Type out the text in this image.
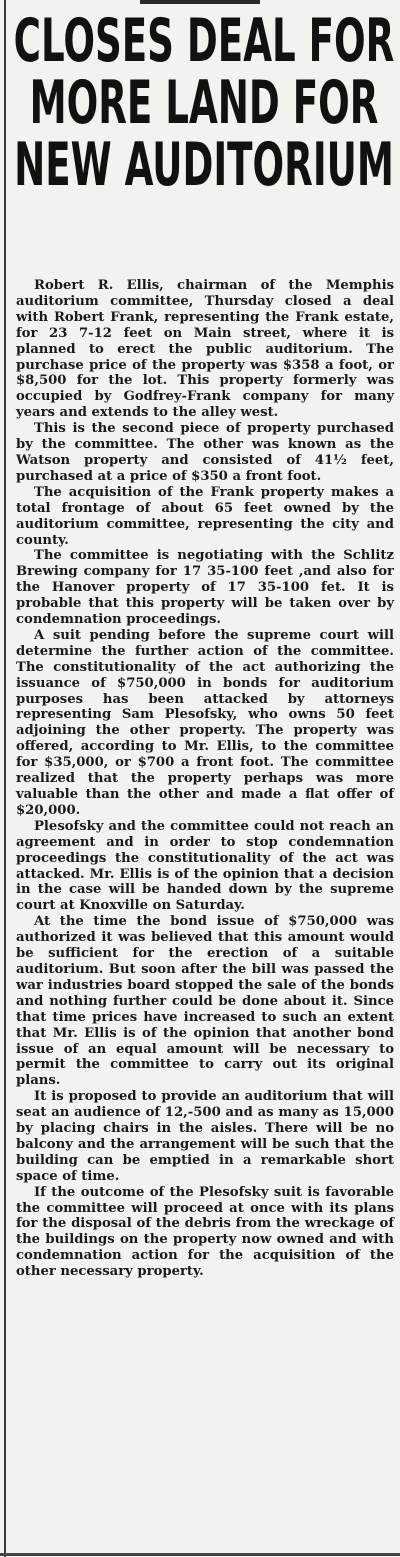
CLOSES DEAL FOR
MORE LAND FOR
NEW AUDITORIUM

Robert R. Ellis, chairman of the Memphis auditorium committee, Thursday closed a deal with Robert Frank, representing the Frank estate, for 23 7-12 feet on Main street, where it is planned to erect the public auditorium. The purchase price of the property was $358 a foot, or $8,500 for the lot. This property formerly was occupied by Godfrey-Frank company for many years and extends to the alley west.

This is the second piece of property purchased by the committee. The other was known as the Watson property and consisted of 41½ feet, purchased at a price of $350 a front foot.

The acquisition of the Frank property makes a total frontage of about 65 feet owned by the auditorium committee, representing the city and county.

The committee is negotiating with the Schlitz Brewing company for 17 35-100 feet ,and also for the Hanover property of 17 35-100 fet. It is probable that this property will be taken over by condemnation proceedings.

A suit pending before the supreme court will determine the further action of the committee. The constitutionality of the act authorizing the issuance of $750,000 in bonds for auditorium purposes has been attacked by attorneys representing Sam Plesofsky, who owns 50 feet adjoining the other property. The property was offered, according to Mr. Ellis, to the committee for $35,000, or $700 a front foot. The committee realized that the property perhaps was more valuable than the other and made a flat offer of $20,000.

Plesofsky and the committee could not reach an agreement and in order to stop condemnation proceedings the constitutionality of the act was attacked. Mr. Ellis is of the opinion that a decision in the case will be handed down by the supreme court at Knoxville on Saturday.

At the time the bond issue of $750,000 was authorized it was believed that this amount would be sufficient for the erection of a suitable auditorium. But soon after the bill was passed the war industries board stopped the sale of the bonds and nothing further could be done about it. Since that time prices have increased to such an extent that Mr. Ellis is of the opinion that another bond issue of an equal amount will be necessary to permit the committee to carry out its original plans.

It is proposed to provide an auditorium that will seat an audience of 12,-500 and as many as 15,000 by placing chairs in the aisles. There will be no balcony and the arrangement will be such that the building can be emptied in a remarkable short space of time.

If the outcome of the Plesofsky suit is favorable the committee will proceed at once with its plans for the disposal of the debris from the wreckage of the buildings on the property now owned and with condemnation action for the acquisition of the other necessary property.
